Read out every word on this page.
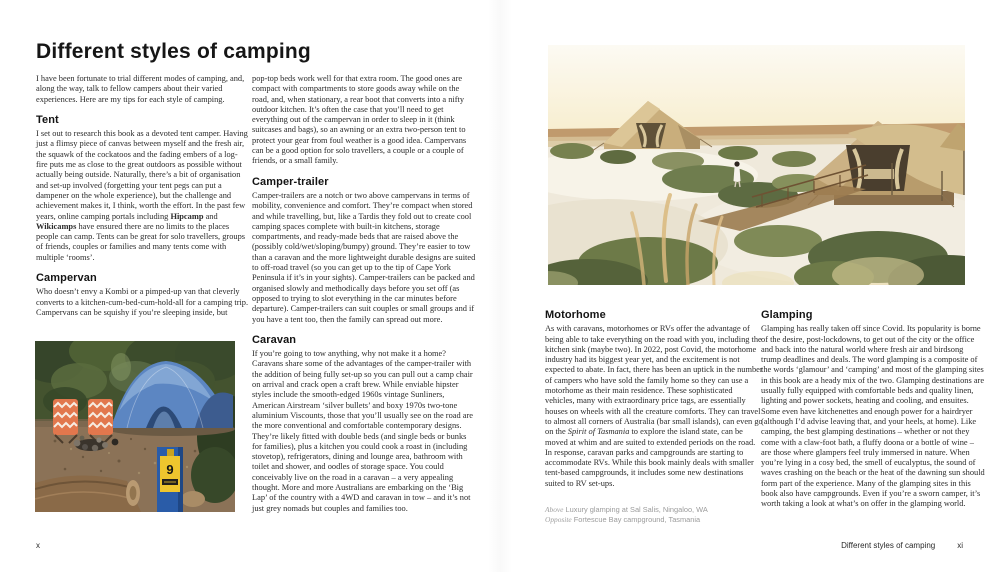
Different styles of camping

I have been fortunate to trial different modes of camping, and, along the way, talk to fellow campers about their varied experiences. Here are my tips for each style of camping.

Tent

I set out to research this book as a devoted tent camper. Having just a flimsy piece of canvas between myself and the fresh air, the squawk of the cockatoos and the fading embers of a log-fire puts me as close to the great outdoors as possible without actually being outside. Naturally, there’s a bit of organisation and set-up involved (forgetting your tent pegs can put a dampener on the whole experience), but the challenge and achievement makes it, I think, worth the effort. In the past few years, online camping portals including Hipcamp and Wikicamps have ensured there are no limits to the places people can camp. Tents can be great for solo travellers, groups of friends, couples or families and many tents come with multiple ‘rooms’.

Campervan

Who doesn’t envy a Kombi or a pimped-up van that cleverly converts to a kitchen-cum-bed-cum-hold-all for a camping trip. Campervans can be squishy if you’re sleeping inside, but

pop-top beds work well for that extra room. The good ones are compact with compartments to store goods away while on the road, and, when stationary, a rear boot that converts into a nifty outdoor kitchen. It’s often the case that you’ll need to get everything out of the campervan in order to sleep in it (think suitcases and bags), so an awning or an extra two-person tent to protect your gear from foul weather is a good idea. Campervans can be a good option for solo travellers, a couple or a couple of friends, or a small family.

Camper-trailer

Camper-trailers are a notch or two above campervans in terms of mobility, convenience and comfort. They’re compact when stored and while travelling, but, like a Tardis they fold out to create cool camping spaces complete with built-in kitchens, storage compartments, and ready-made beds that are raised above the (possibly cold/wet/sloping/bumpy) ground. They’re easier to tow than a caravan and the more lightweight durable designs are suited to off-road travel (so you can get up to the tip of Cape York Peninsula if it’s in your sights). Camper-trailers can be packed and organised slowly and methodically days before you set off (as opposed to trying to slot everything in the car minutes before departure). Camper-trailers can suit couples or small groups and if you have a tent too, then the family can spread out more.

Caravan

If you’re going to tow anything, why not make it a home? Caravans share some of the advantages of the camper-trailer with the addition of being fully set-up so you can pull out a camp chair on arrival and crack open a craft brew. While enviable hipster styles include the smooth-edged 1960s vintage Sunliners, American Airstream ‘silver bullets’ and boxy 1970s two-tone aluminium Viscounts, those that you’ll usually see on the road are the more conventional and comfortable contemporary designs. They’re likely fitted with double beds (and single beds or bunks for families), plus a kitchen you could cook a roast in (including stovetop), refrigerators, dining and lounge area, bathroom with toilet and shower, and oodles of storage space. You could conceivably live on the road in a caravan – a very appealing thought. More and more Australians are embarking on the ‘Big Lap’ of the country with a 4WD and caravan in tow – and it’s not just grey nomads but couples and families too.

9
x
Motorhome

As with caravans, motorhomes or RVs offer the advantage of being able to take everything on the road with you, including the kitchen sink (maybe two). In 2022, post Covid, the motorhome industry had its biggest year yet, and the excitement is not expected to abate. In fact, there has been an uptick in the number of campers who have sold the family home so they can use a motorhome as their main residence. These sophisticated vehicles, many with extraordinary price tags, are essentially houses on wheels with all the creature comforts. They can travel to almost all corners of Australia (bar small islands), can even go on the Spirit of Tasmania to explore the island state, can be moved at whim and are suited to extended periods on the road. In response, caravan parks and campgrounds are starting to accommodate RVs. While this book mainly deals with smaller tent-based campgrounds, it includes some new destinations suited to RV set-ups.

Above Luxury glamping at Sal Salis, Ningaloo, WA

Opposite Fortescue Bay campground, Tasmania

Glamping

Glamping has really taken off since Covid. Its popularity is borne of the desire, post-lockdowns, to get out of the city or the office and back into the natural world where fresh air and birdsong trump deadlines and deals. The word glamping is a composite of the words ‘glamour’ and ‘camping’ and most of the glamping sites in this book are a heady mix of the two. Glamping destinations are usually fully equipped with comfortable beds and quality linen, lighting and power sockets, heating and cooling, and ensuites. Some even have kitchenettes and enough power for a hairdryer (although I’d advise leaving that, and your heels, at home). Like camping, the best glamping destinations – whether or not they come with a claw-foot bath, a fluffy doona or a bottle of wine – are those where glampers feel truly immersed in nature. When you’re lying in a cosy bed, the smell of eucalyptus, the sound of waves crashing on the beach or the heat of the dawning sun should form part of the experience. Many of the glamping sites in this book also have campgrounds. Even if you’re a sworn camper, it’s worth taking a look at what’s on offer in the glamping world.

Different styles of camping	xi
